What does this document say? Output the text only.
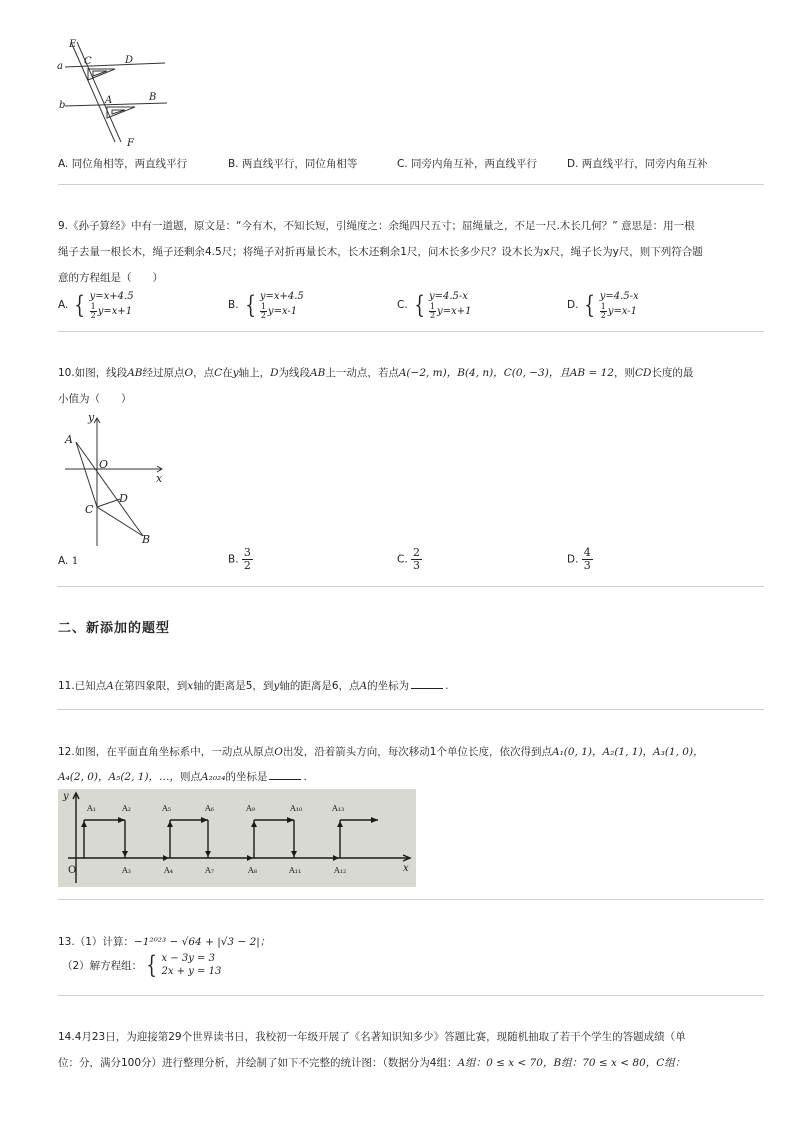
E
a C	D
b	A	B
F
A. 同位角相等，两直线平行	B. 两直线平行，同位角相等	C. 同旁内角互补，两直线平行	D. 两直线平行，同旁内角互补
9.《孙子算经》中有一道题，原文是：“今有木，不知长短，引绳度之：余绳四尺五寸；屈绳量之，不足一尺.木长几何？” 意思是：用一根
绳子去量一根长木，绳子还剩余4.5尺；将绳子对折再量长木，长木还剩余1尺，问木长多少尺？设木长为x尺，绳子长为y尺，则下列符合题
意的方程组是（　　）
A. { y=x+4.5
$\frac{1}{2} y=x+1$
B. { y=x+4.5
$\frac{1}{2} y=x-1$
C. { y=4.5-x
$\frac{1}{2} y=x+1$
D. { y=4.5-x
$\frac{1}{2} y=x-1$
10.如图，线段AB经过原点O，点C在y轴上，D为线段AB上一动点，若点A(−2, m)，B(4, n)，C(0, −3)，且AB = 12，则CD长度的最
小值为（　　）
y
A
O
x
D
C
B
A. 1	B. $\frac{3}{2}$	C. $\frac{2}{3}$	D. $\frac{4}{3}$
二、新添加的题型
11.已知点A在第四象限，到x轴的距离是5，到y轴的距离是6，点A的坐标为	.
12.如图，在平面直角坐标系中，一动点从原点O出发，沿着箭头方向，每次移动1个单位长度，依次得到点A₁(0, 1)，A₂(1, 1)，A₃(1, 0)，
A₄(2, 0)，A₅(2, 1)，…，则点A₂₀₂₄的坐标是	.
y
O	x
A₁	A₂	A₅	A₆	A₉	A₁₀	A₁₃
A₃	A₄	A₇	A₈	A₁₁	A₁₂
13.（1）计算：−1²⁰²³ − √64 + |√3 − 2|；
（2）解方程组： { x − 3y = 3
2x + y = 13
14.4月23日，为迎接第29个世界读书日，我校初一年级开展了《名著知识知多少》答题比赛，现随机抽取了若干个学生的答题成绩（单
位：分，满分100分）进行整理分析，并绘制了如下不完整的统计图：（数据分为4组：A组：0 ≤ x < 70，B组：70 ≤ x < 80，C组：
